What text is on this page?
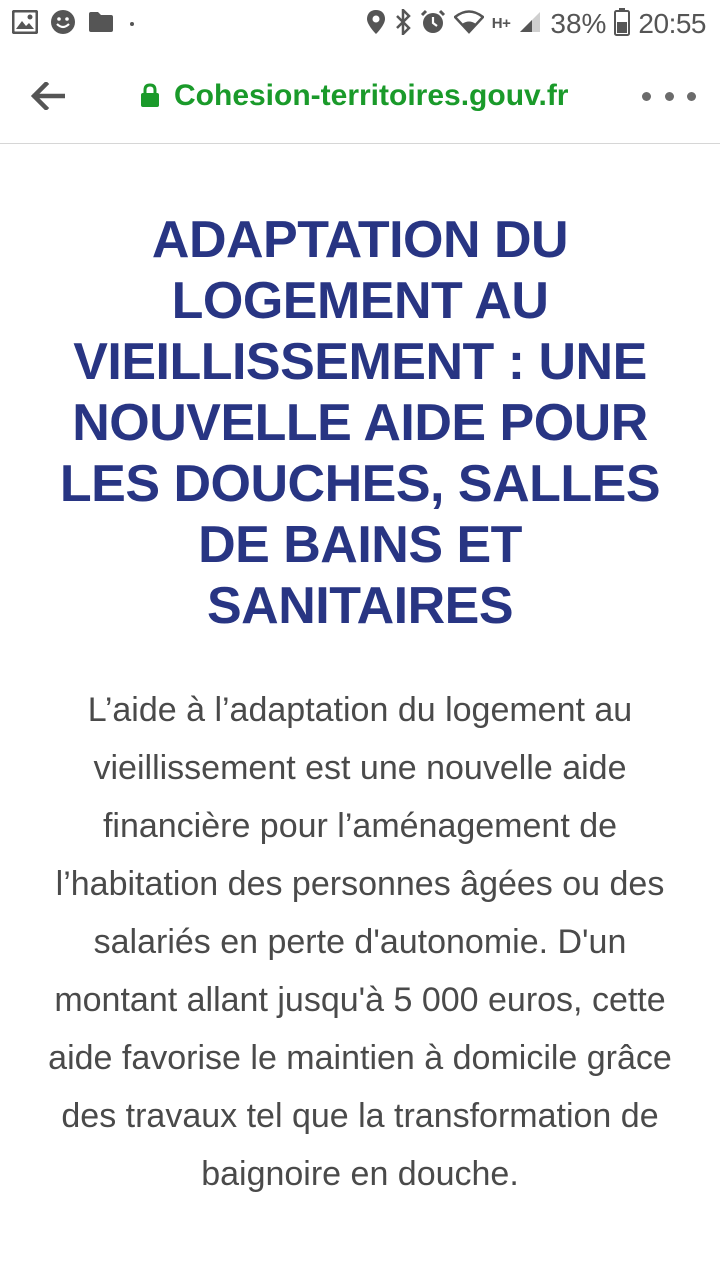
H+ 38% 20:55
Cohesion-territoires.gouv.fr
ADAPTATION DU LOGEMENT AU VIEILLISSEMENT : UNE NOUVELLE AIDE POUR LES DOUCHES, SALLES DE BAINS ET SANITAIRES

L’aide à l’adaptation du logement au vieillissement est une nouvelle aide financière pour l’aménagement de l’habitation des personnes âgées ou des salariés en perte d'autonomie. D'un montant allant jusqu'à 5 000 euros, cette aide favorise le maintien à domicile grâce des travaux tel que la transformation de baignoire en douche.
